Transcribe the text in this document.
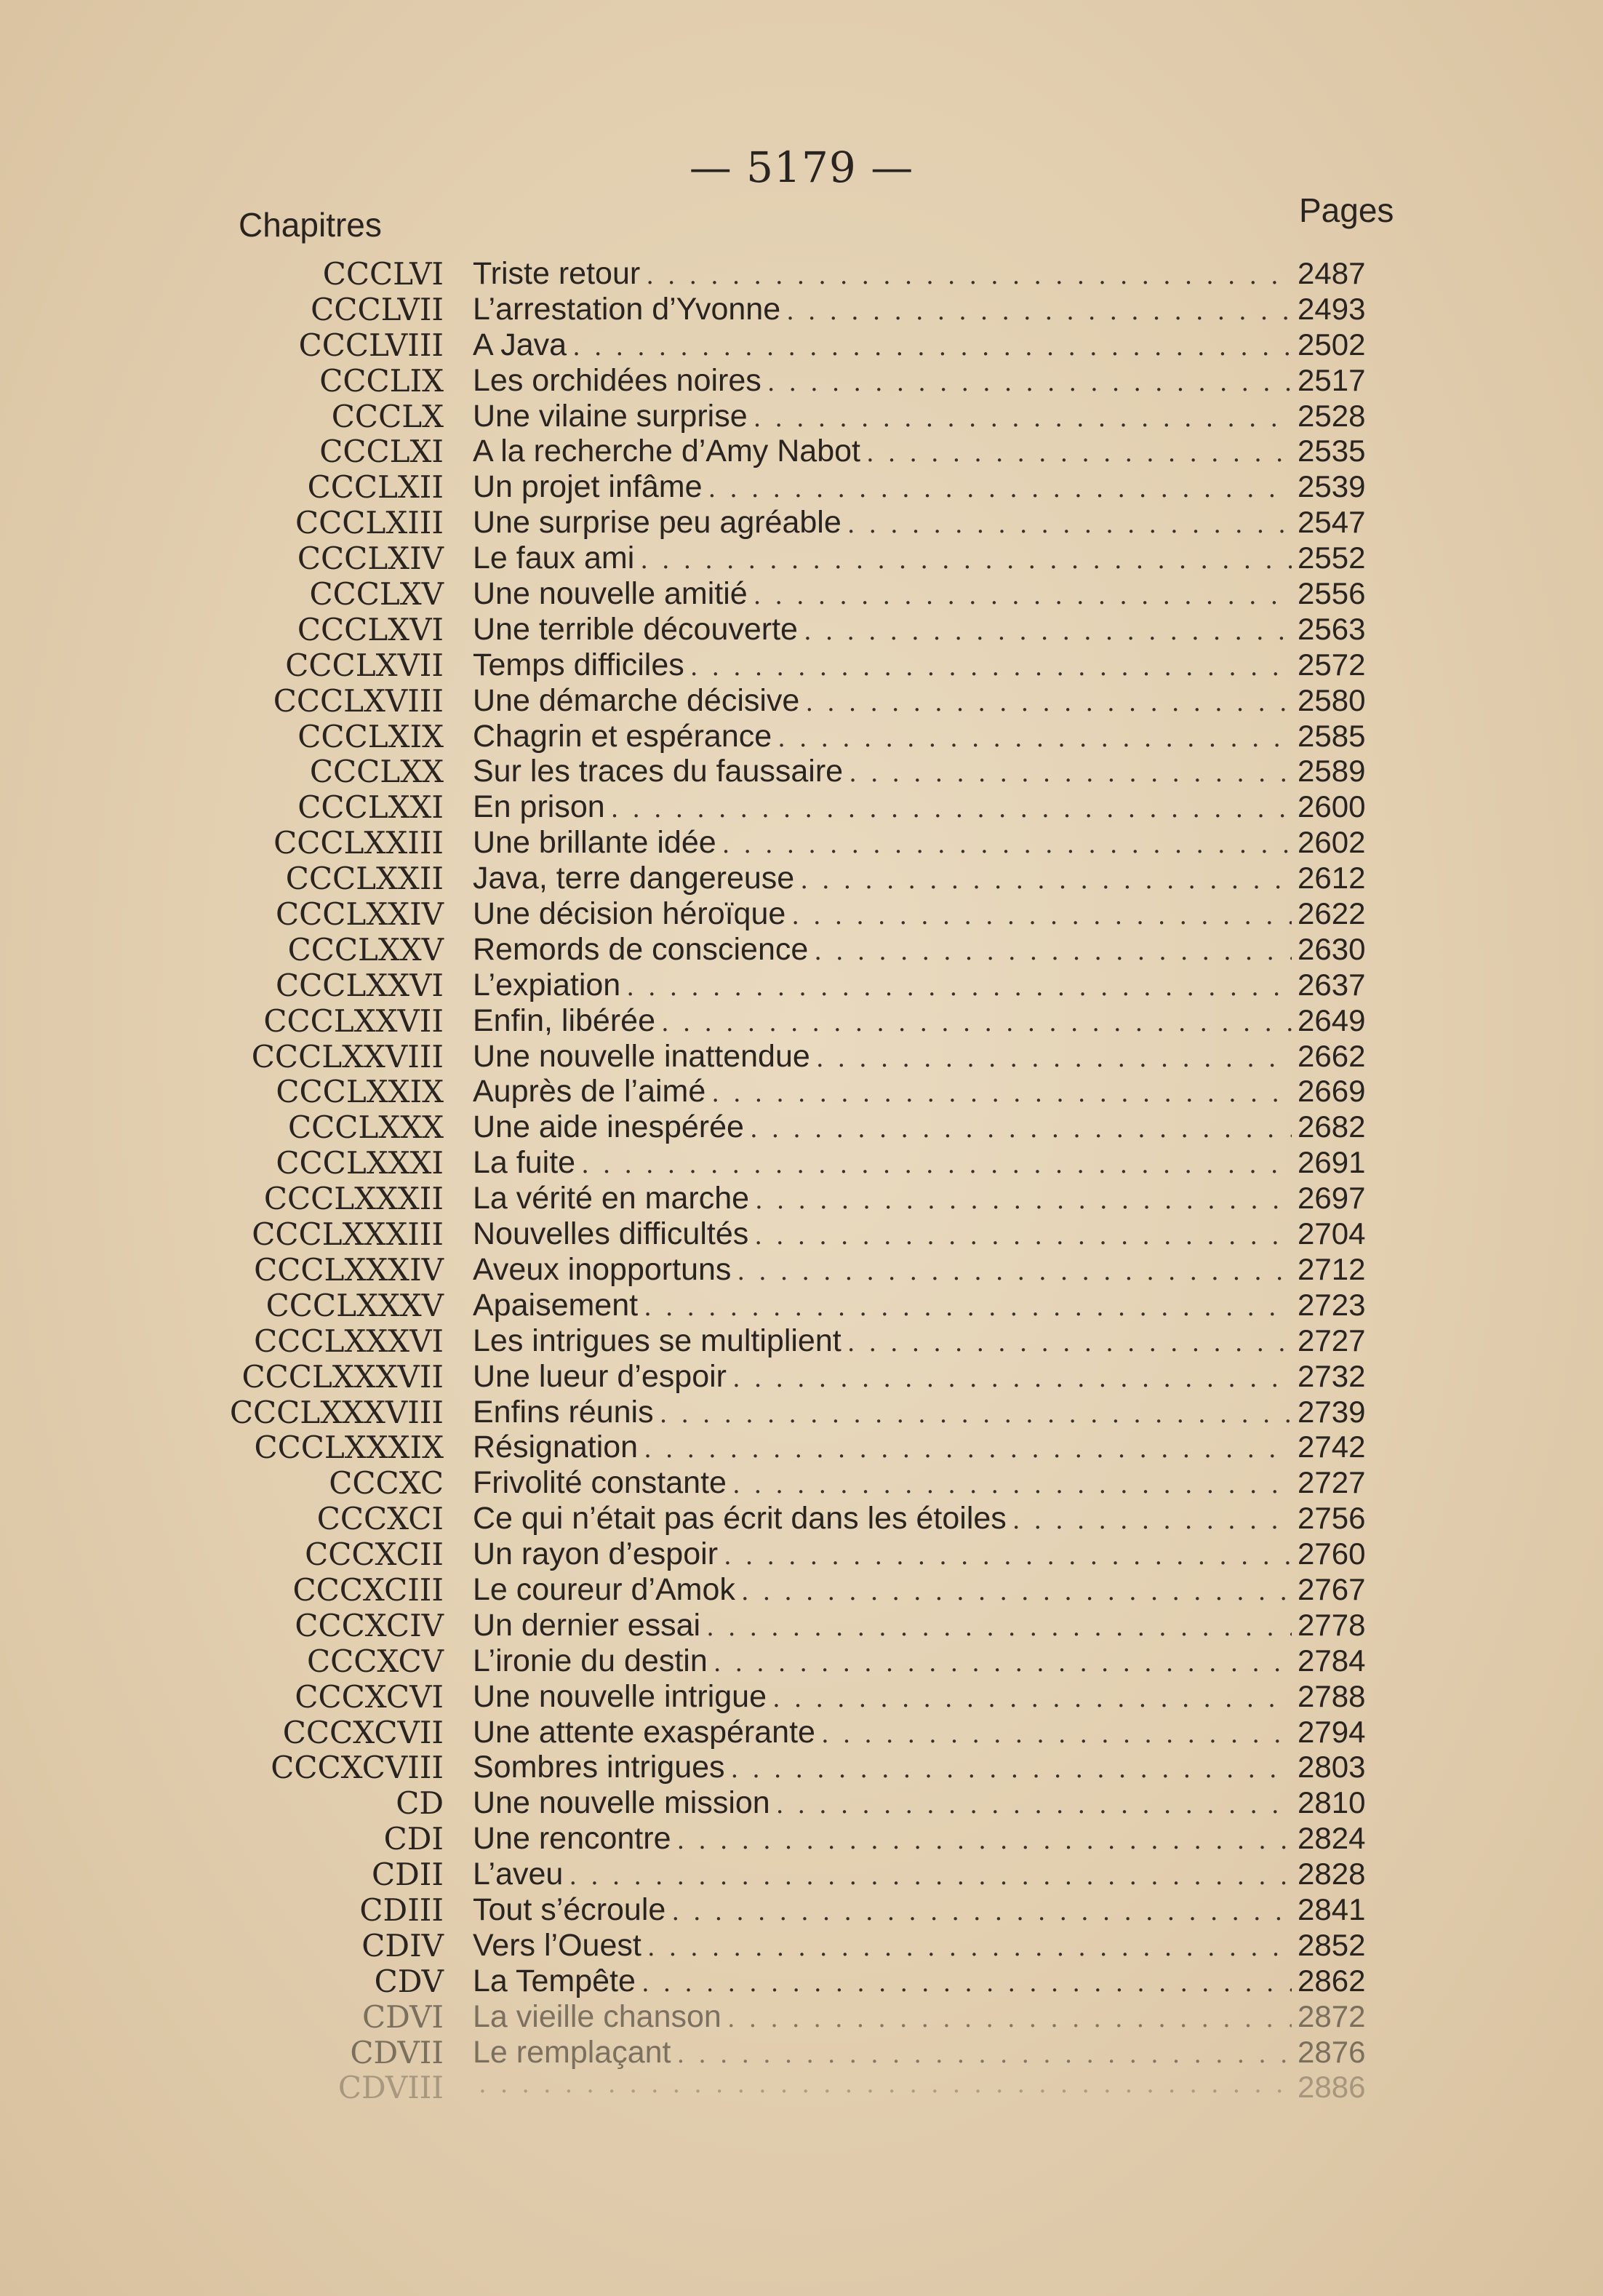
— 5179 —
Chapitres	Pages
CCCLVI Triste retour . . .	2487
CCCLVII L’arrestation d’Yvonne . . .	2493
CCCLVIII A Java . . .	2502
CCCLIX Les orchidées noires . . .	2517
CCCLX Une vilaine surprise . . .	2528
CCCLXI A la recherche d’Amy Nabot . . .	2535
CCCLXII Un projet infâme . . .	2539
CCCLXIII Une surprise peu agréable . . .	2547
CCCLXIV Le faux ami . . .	2552
CCCLXV Une nouvelle amitié . . .	2556
CCCLXVI Une terrible découverte . . .	2563
CCCLXVII Temps difficiles . . .	2572
CCCLXVIII Une démarche décisive . . .	2580
CCCLXIX Chagrin et espérance . . .	2585
CCCLXX Sur les traces du faussaire . . .	2589
CCCLXXI En prison . . .	2600
CCCLXXIII Une brillante idée . . .	2602
CCCLXXII Java, terre dangereuse . . .	2612
CCCLXXIV Une décision héroïque . . .	2622
CCCLXXV Remords de conscience . . .	2630
CCCLXXVI L’expiation . . .	2637
CCCLXXVII Enfin, libérée . . .	2649
CCCLXXVIII Une nouvelle inattendue . . .	2662
CCCLXXIX Auprès de l’aimé . . .	2669
CCCLXXX Une aide inespérée . . .	2682
CCCLXXXI La fuite . . .	2691
CCCLXXXII La vérité en marche . . .	2697
CCCLXXXIII Nouvelles difficultés . . .	2704
CCCLXXXIV Aveux inopportuns . . .	2712
CCCLXXXV Apaisement . . .	2723
CCCLXXXVI Les intrigues se multiplient . . .	2727
CCCLXXXVII Une lueur d’espoir . . .	2732
CCCLXXXVIII Enfins réunis . . .	2739
CCCLXXXIX Résignation . . .	2742
CCCXC Frivolité constante . . .	2727
CCCXCI Ce qui n’était pas écrit dans les étoiles . . .	2756
CCCXCII Un rayon d’espoir . . .	2760
CCCXCIII Le coureur d’Amok . . .	2767
CCCXCIV Un dernier essai . . .	2778
CCCXCV L’ironie du destin . . .	2784
CCCXCVI Une nouvelle intrigue . . .	2788
CCCXCVII Une attente exaspérante . . .	2794
CCCXCVIII Sombres intrigues . . .	2803
CD Une nouvelle mission . . .	2810
CDI Une rencontre . . .	2824
CDII L’aveu . . .	2828
CDIII Tout s’écroule . . .	2841
CDIV Vers l’Ouest . . .	2852
CDV La Tempête . . .	2862
CDVI La vieille chanson . . .	2872
CDVII Le remplaçant . . .	2876
CDVIII . . .	2886
